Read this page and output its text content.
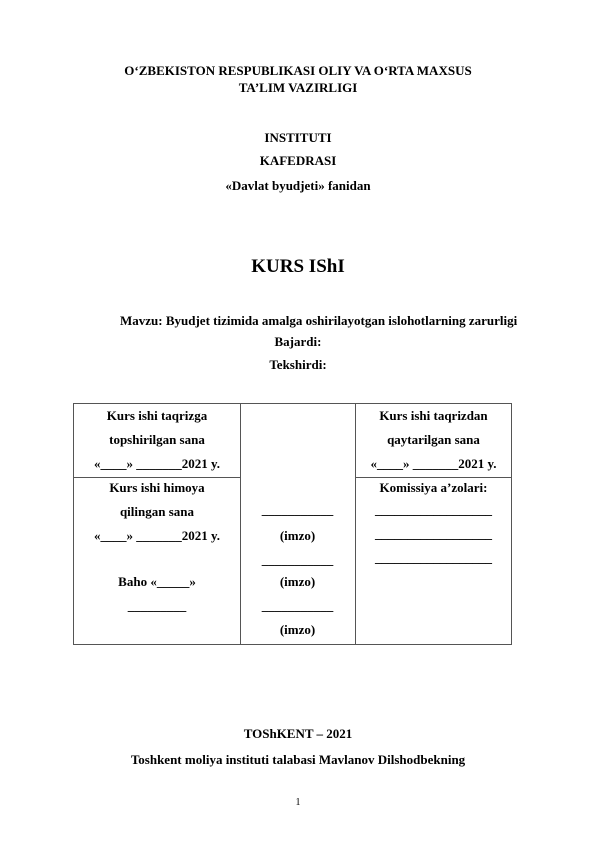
O‘ZBEKISTON RESPUBLIKASI OLIY VA O‘RTA MAXSUS
TA’LIM VAZIRLIGI
INSTITUTI
KAFEDRASI
«Davlat byudjeti» fanidan
KURS IShI
Mavzu: Byudjet tizimida amalga oshirilayotgan islohotlarning zarurligi
Bajardi:
Tekshirdi:
Kurs ishi taqrizga
topshirilgan sana
«____» _______2021 y.
Kurs ishi taqrizdan
qaytarilgan sana
«____» _______2021 y.
Kurs ishi himoya
qilingan sana
«____» _______2021 y.
Baho «_____»
_________
___________
(imzo)
___________
(imzo)
___________
(imzo)
Komissiya a’zolari:
__________________
__________________
__________________
TOShKENT – 2021
Toshkent moliya instituti talabasi Mavlanov Dilshodbekning
1
